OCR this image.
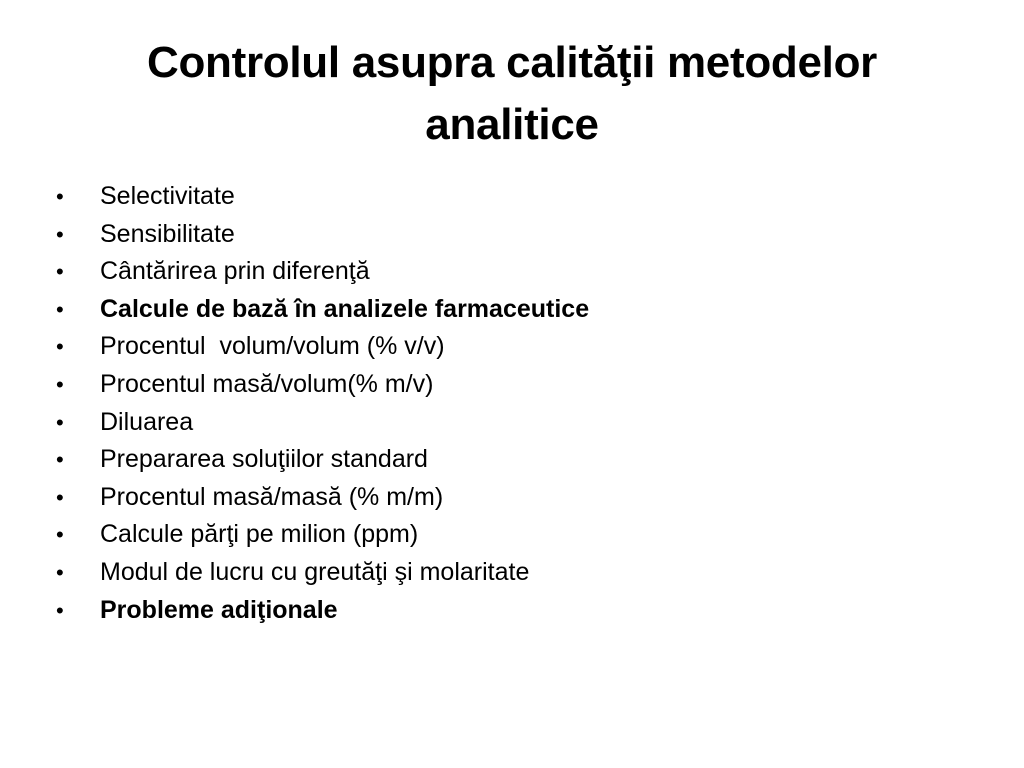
Controlul asupra calităţii metodelor
analitice

•

	Selectivitate

•

	Sensibilitate

•

	Cântărirea prin diferenţă

•

	Calcule de bază în analizele farmaceutice

•

	Procentul  volum/volum (% v/v)

•

	Procentul masă/volum(% m/v)

•

	Diluarea

•

	Prepararea soluţiilor standard

•

	Procentul masă/masă (% m/m)

•

	Calcule părţi pe milion (ppm)

•

	Modul de lucru cu greutăţi şi molaritate

•

	Probleme adiţionale
